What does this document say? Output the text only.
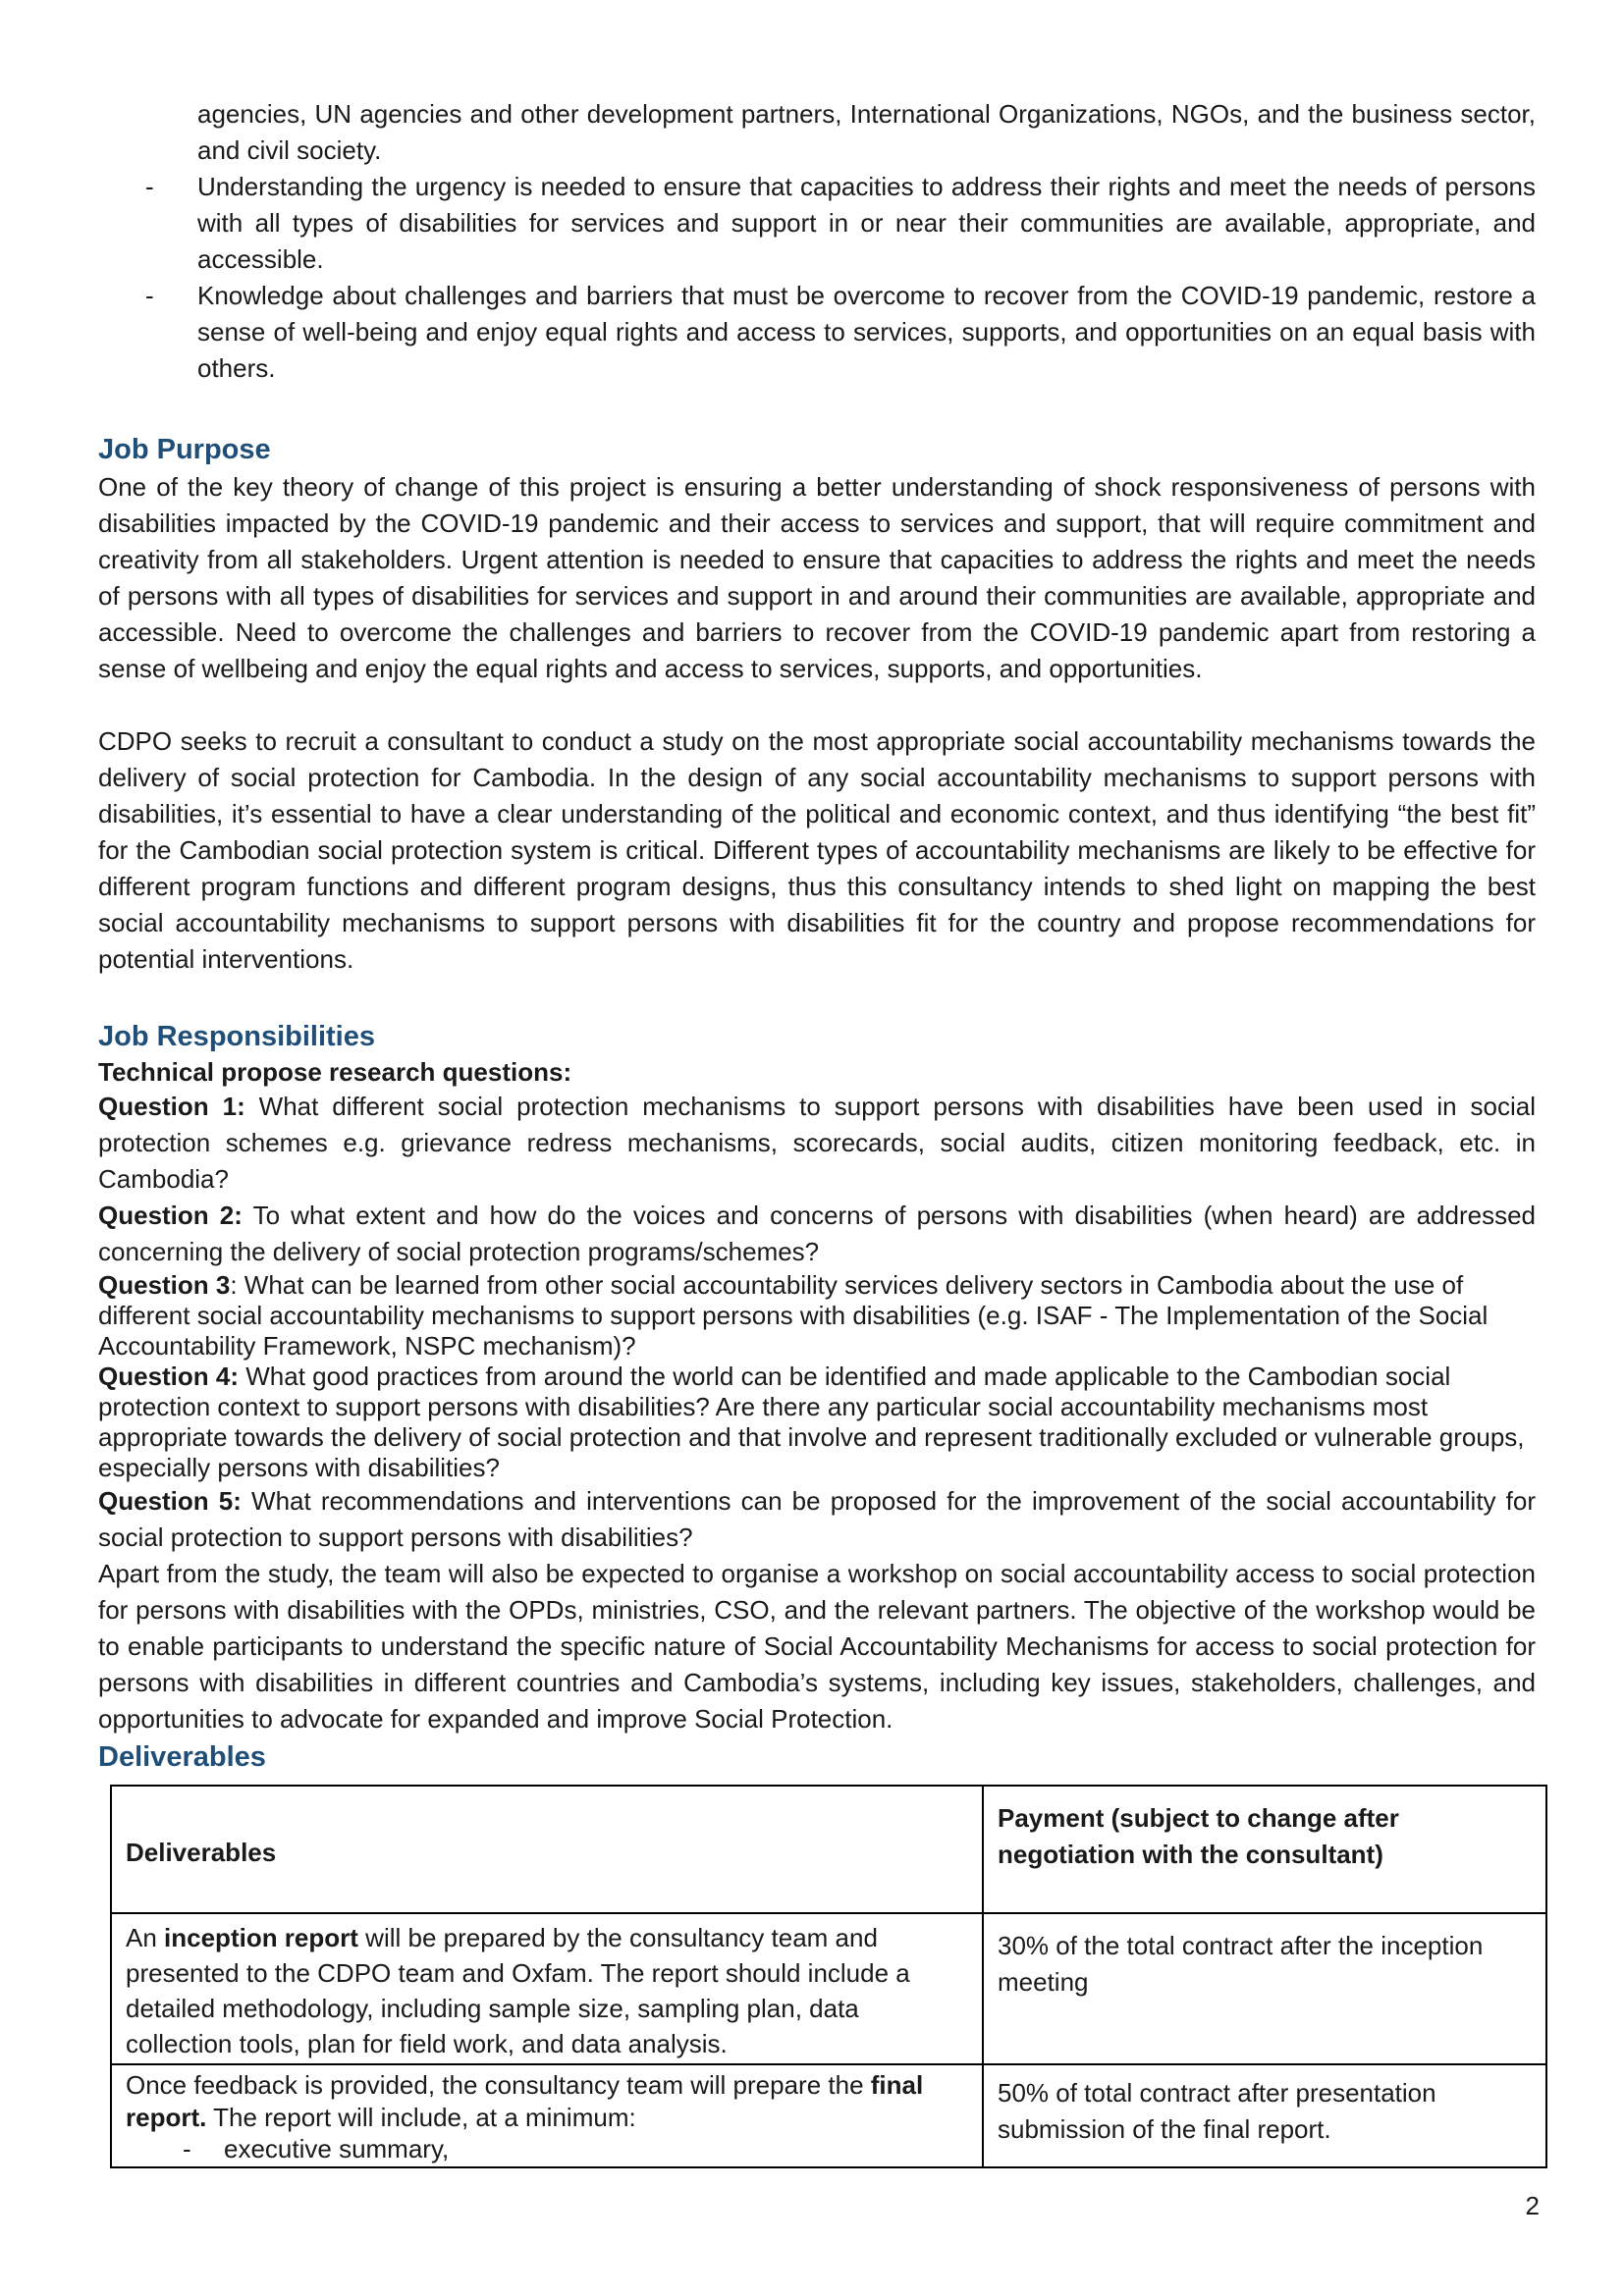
agencies, UN agencies and other development partners, International Organizations, NGOs, and the business sector, and civil society.
- Understanding the urgency is needed to ensure that capacities to address their rights and meet the needs of persons with all types of disabilities for services and support in or near their communities are available, appropriate, and accessible.
- Knowledge about challenges and barriers that must be overcome to recover from the COVID-19 pandemic, restore a sense of well-being and enjoy equal rights and access to services, supports, and opportunities on an equal basis with others.
Job Purpose

One of the key theory of change of this project is ensuring a better understanding of shock responsiveness of persons with disabilities impacted by the COVID-19 pandemic and their access to services and support, that will require commitment and creativity from all stakeholders. Urgent attention is needed to ensure that capacities to address the rights and meet the needs of persons with all types of disabilities for services and support in and around their communities are available, appropriate and accessible. Need to overcome the challenges and barriers to recover from the COVID-19 pandemic apart from restoring a sense of wellbeing and enjoy the equal rights and access to services, supports, and opportunities.

CDPO seeks to recruit a consultant to conduct a study on the most appropriate social accountability mechanisms towards the delivery of social protection for Cambodia. In the design of any social accountability mechanisms to support persons with disabilities, it’s essential to have a clear understanding of the political and economic context, and thus identifying “the best fit” for the Cambodian social protection system is critical. Different types of accountability mechanisms are likely to be effective for different program functions and different program designs, thus this consultancy intends to shed light on mapping the best social accountability mechanisms to support persons with disabilities fit for the country and propose recommendations for potential interventions.

Job Responsibilities

Technical propose research questions:

Question 1: What different social protection mechanisms to support persons with disabilities have been used in social protection schemes e.g. grievance redress mechanisms, scorecards, social audits, citizen monitoring feedback, etc. in Cambodia?

Question 2: To what extent and how do the voices and concerns of persons with disabilities (when heard) are addressed concerning the delivery of social protection programs/schemes?

Question 3: What can be learned from other social accountability services delivery sectors in Cambodia about the use of different social accountability mechanisms to support persons with disabilities (e.g. ISAF - The Implementation of the Social Accountability Framework, NSPC mechanism)?

Question 4: What good practices from around the world can be identified and made applicable to the Cambodian social protection context to support persons with disabilities? Are there any particular social accountability mechanisms most appropriate towards the delivery of social protection and that involve and represent traditionally excluded or vulnerable groups, especially persons with disabilities?

Question 5: What recommendations and interventions can be proposed for the improvement of the social accountability for social protection to support persons with disabilities?

Apart from the study, the team will also be expected to organise a workshop on social accountability access to social protection for persons with disabilities with the OPDs, ministries, CSO, and the relevant partners. The objective of the workshop would be to enable participants to understand the specific nature of Social Accountability Mechanisms for access to social protection for persons with disabilities in different countries and Cambodia’s systems, including key issues, stakeholders, challenges, and opportunities to advocate for expanded and improve Social Protection.

Deliverables
Deliverables	Payment (subject to change after negotiation with the consultant)
An inception report will be prepared by the consultancy team and presented to the CDPO team and Oxfam. The report should include a detailed methodology, including sample size, sampling plan, data collection tools, plan for field work, and data analysis.	30% of the total contract after the inception meeting
Once feedback is provided, the consultancy team will prepare the final report. The report will include, at a minimum:
- executive summary,	50% of total contract after presentation submission of the final report.
2
